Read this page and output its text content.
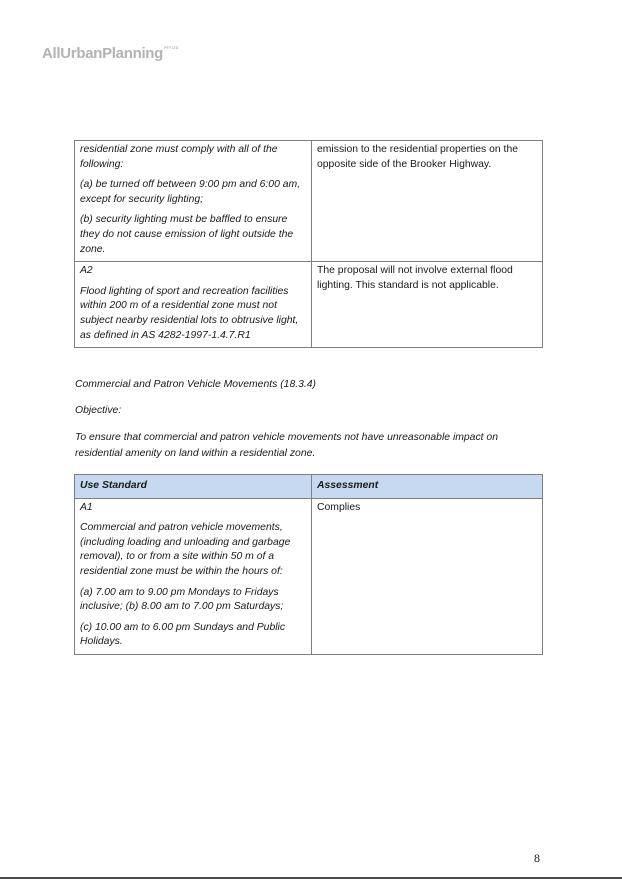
AllUrbanPlanning$^{PTY LTD}$

residential zone must comply with all of the following:

(a) be turned off between 9:00 pm and 6:00 am, except for security lighting;

(b) security lighting must be baffled to ensure they do not cause emission of light outside the zone.	emission to the residential properties on the opposite side of the Brooker Highway.

A2

Flood lighting of sport and recreation facilities within 200 m of a residential zone must not subject nearby residential lots to obtrusive light, as defined in AS 4282-1997-1.4.7.R1	The proposal will not involve external flood lighting. This standard is not applicable.

Commercial and Patron Vehicle Movements (18.3.4)

Objective:

To ensure that commercial and patron vehicle movements not have unreasonable impact on residential amenity on land within a residential zone.

Use Standard	Assessment

A1

Commercial and patron vehicle movements, (including loading and unloading and garbage removal), to or from a site within 50 m of a residential zone must be within the hours of:

(a) 7.00 am to 9.00 pm Mondays to Fridays inclusive; (b) 8.00 am to 7.00 pm Saturdays;

(c) 10.00 am to 6.00 pm Sundays and Public Holidays.	Complies

8
